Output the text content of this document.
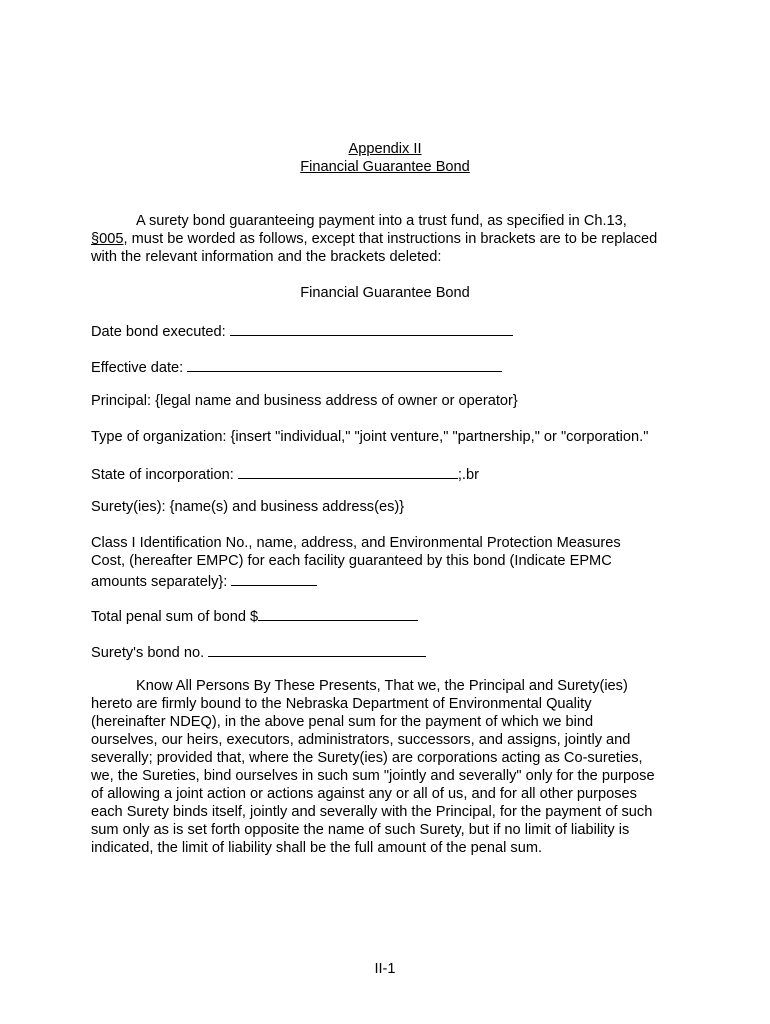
Appendix II
Financial Guarantee Bond
A surety bond guaranteeing payment into a trust fund, as specified in Ch.13,
§005, must be worded as follows, except that instructions in brackets are to be replaced
with the relevant information and the brackets deleted:
Financial Guarantee Bond
Date bond executed:
Effective date:
Principal: {legal name and business address of owner or operator}
Type of organization: {insert "individual," "joint venture," "partnership," or "corporation."
State of incorporation:	;.br
Surety(ies): {name(s) and business address(es)}
Class I Identification No., name, address, and Environmental Protection Measures
Cost, (hereafter EMPC) for each facility guaranteed by this bond (Indicate EPMC
amounts separately}:
Total penal sum of bond $
Surety's bond no.
Know All Persons By These Presents, That we, the Principal and Surety(ies)
hereto are firmly bound to the Nebraska Department of Environmental Quality
(hereinafter NDEQ), in the above penal sum for the payment of which we bind
ourselves, our heirs, executors, administrators, successors, and assigns, jointly and
severally; provided that, where the Surety(ies) are corporations acting as Co-sureties,
we, the Sureties, bind ourselves in such sum "jointly and severally" only for the purpose
of allowing a joint action or actions against any or all of us, and for all other purposes
each Surety binds itself, jointly and severally with the Principal, for the payment of such
sum only as is set forth opposite the name of such Surety, but if no limit of liability is
indicated, the limit of liability shall be the full amount of the penal sum.
II-1
